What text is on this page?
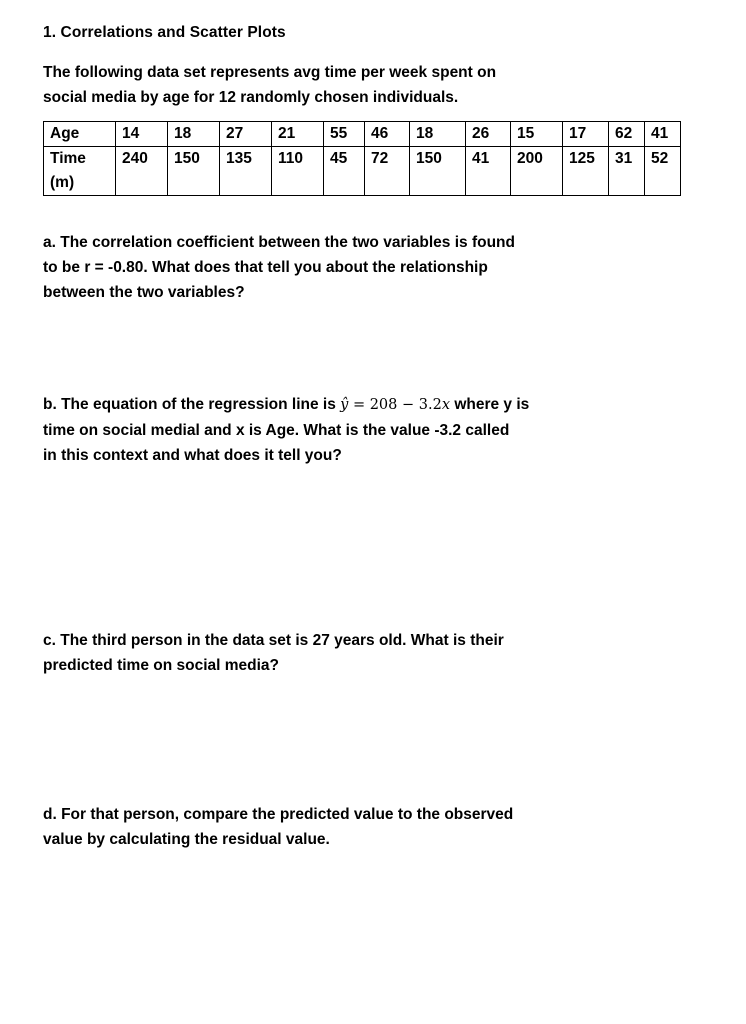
1. Correlations and Scatter Plots
The following data set represents avg time per week spent on
social media by age for 12 randomly chosen individuals.
Age	14	18	27	21	55	46	18	26	15	17	62	41

Time
(m)	240	150	135	110	45	72	150	41	200	125	31	52
a. The correlation coefficient between the two variables is found
to be r = -0.80. What does that tell you about the relationship
between the two variables?
b. The equation of the regression line is ŷ = 208 − 3.2x where y is
time on social medial and x is Age. What is the value -3.2 called
in this context and what does it tell you?
c. The third person in the data set is 27 years old. What is their
predicted time on social media?
d. For that person, compare the predicted value to the observed
value by calculating the residual value.
